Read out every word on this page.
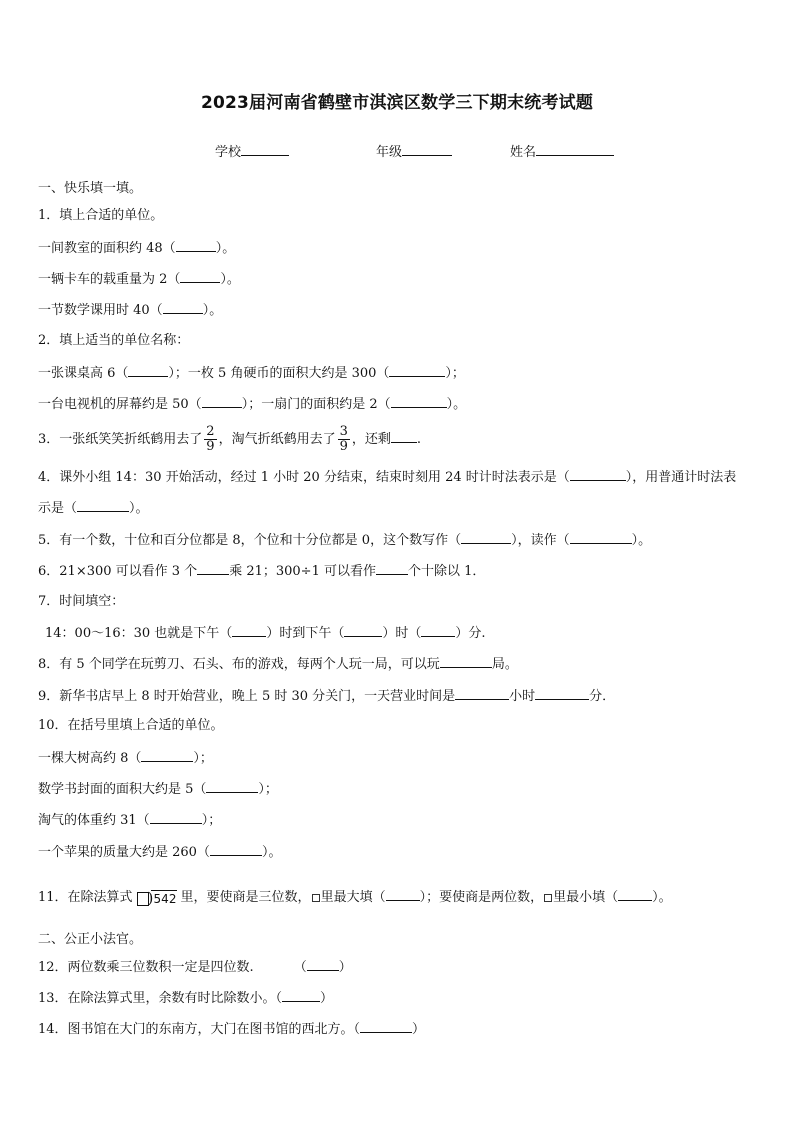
2023届河南省鹤壁市淇滨区数学三下期末统考试题
学校	年级	姓名
一、快乐填一填。
1．填上合适的单位。
一间教室的面积约 48（	）。
一辆卡车的载重量为 2（	）。
一节数学课用时 40（	）。
2．填上适当的单位名称：
一张课桌高 6（	）；一枚 5 角硬币的面积大约是 300（	）；
一台电视机的屏幕约是 50（	）；一扇门的面积约是 2（	）。
3．一张纸笑笑折纸鹤用去了 $\frac{2}{9}$ ，淘气折纸鹤用去了 $\frac{3}{9}$ ，还剩 .
4．课外小组 14：30 开始活动，经过 1 小时 20 分结束，结束时刻用 24 时计时法表示是（	），用普通计时法表
示是（	）。
5．有一个数，十位和百分位都是 8，个位和十分位都是 0，这个数写作（	），读作（	）。
6．21×300 可以看作 3 个 乘 21；300÷1 可以看作 个十除以 1．
7．时间填空：
14：00～16：30 也就是下午（	）时到下午（	）时（	）分.
8．有 5 个同学在玩剪刀、石头、布的游戏，每两个人玩一局，可以玩	局。
9．新华书店早上 8 时开始营业，晚上 5 时 30 分关门，一天营业时间是	小时	分．
10．在括号里填上合适的单位。
一棵大树高约 8（	）；
数学书封面的面积大约是 5（	）；
淘气的体重约 31（	）；
一个苹果的质量大约是 260（	）。
11．在除法算式 ) 542 里，要使商是三位数， 里最大填（	）；要使商是两位数， 里最小填（	）。
二、公正小法官。
12．两位数乘三位数积一定是四位数.	（ ）
13．在除法算式里，余数有时比除数小。（	）
14．图书馆在大门的东南方，大门在图书馆的西北方。（	）
